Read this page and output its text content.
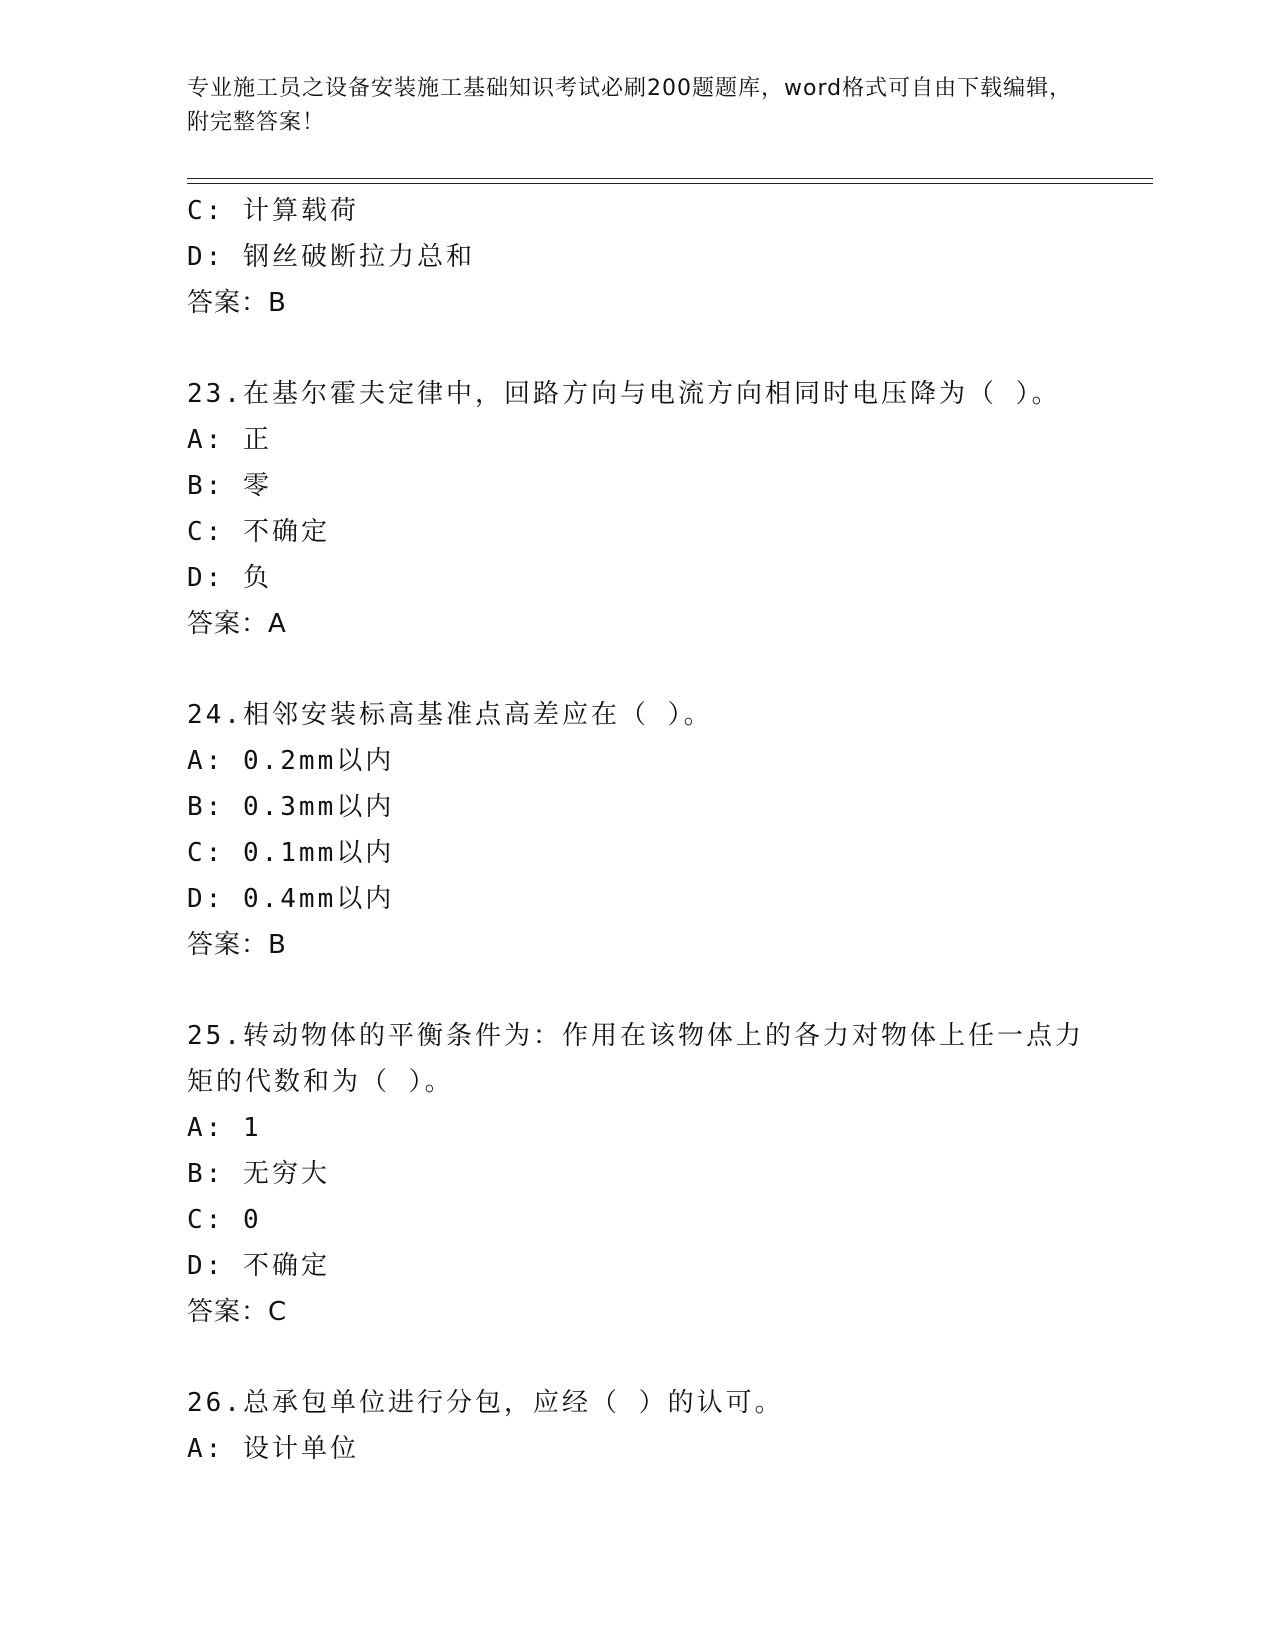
专业施工员之设备安装施工基础知识考试必刷200题题库，word格式可自由下载编辑，附完整答案！
C: 计算载荷
D: 钢丝破断拉力总和
答案：B
23.在基尔霍夫定律中，回路方向与电流方向相同时电压降为（ ）。
A: 正
B: 零
C: 不确定
D: 负
答案：A
24.相邻安装标高基准点高差应在（ ）。
A: 0.2mm以内
B: 0.3mm以内
C: 0.1mm以内
D: 0.4mm以内
答案：B
25.转动物体的平衡条件为：作用在该物体上的各力对物体上任一点力矩的代数和为（ ）。
A: 1
B: 无穷大
C: 0
D: 不确定
答案：C
26.总承包单位进行分包，应经（ ）的认可。
A: 设计单位
